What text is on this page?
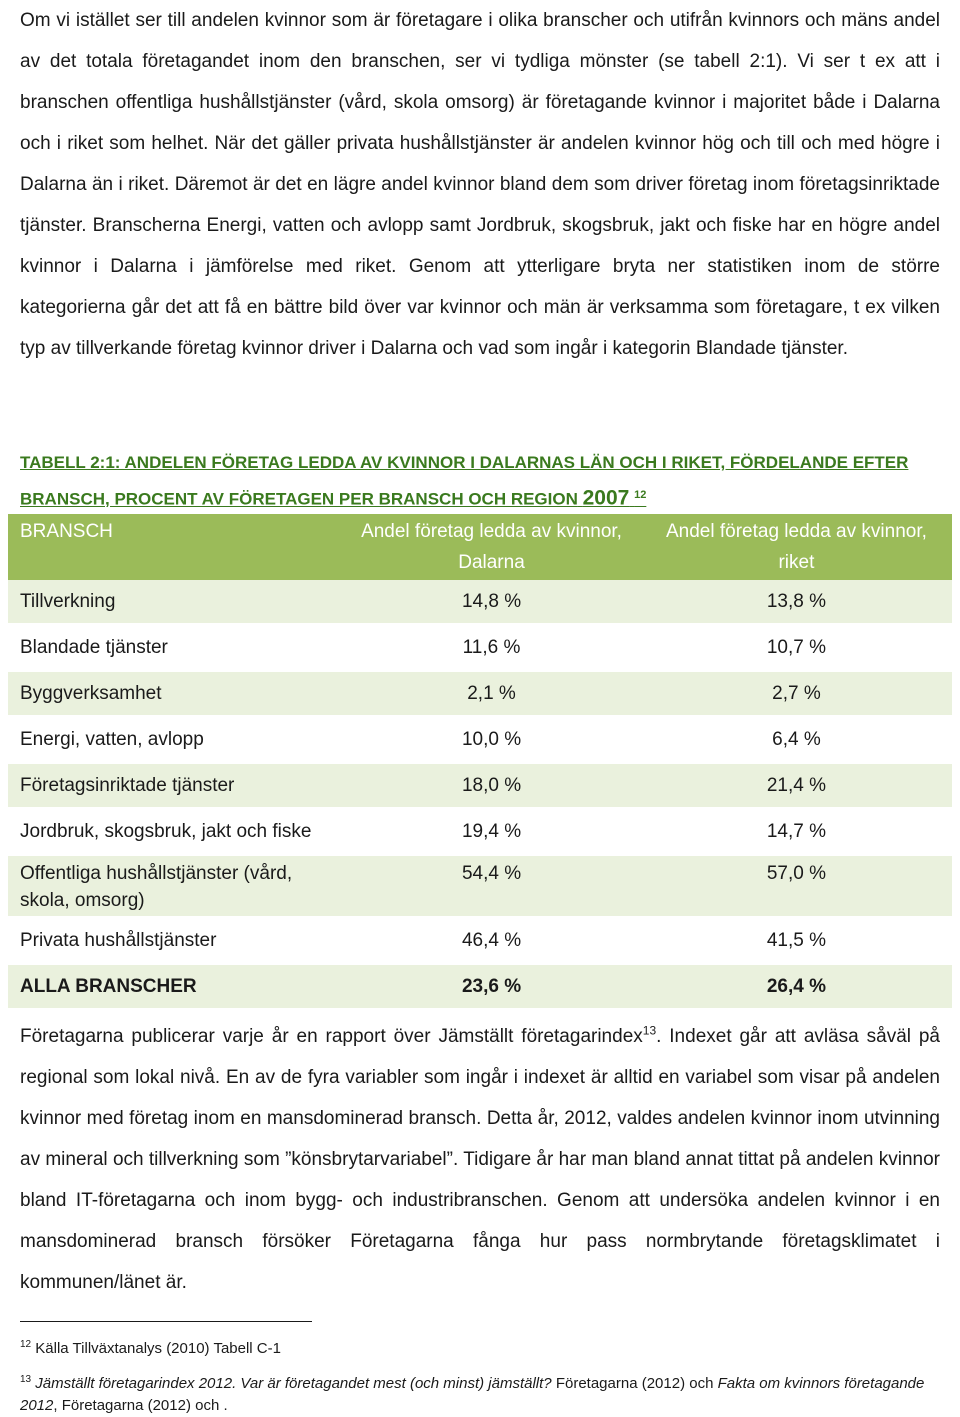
Om vi istället ser till andelen kvinnor som är företagare i olika branscher och utifrån kvinnors och mäns andel av det totala företagandet inom den branschen, ser vi tydliga mönster (se tabell 2:1). Vi ser t ex att i branschen offentliga hushållstjänster (vård, skola omsorg) är företagande kvinnor i majoritet både i Dalarna och i riket som helhet. När det gäller privata hushållstjänster är andelen kvinnor hög och till och med högre i Dalarna än i riket. Däremot är det en lägre andel kvinnor bland dem som driver företag inom företagsinriktade tjänster. Branscherna Energi, vatten och avlopp samt Jordbruk, skogsbruk, jakt och fiske har en högre andel kvinnor i Dalarna i jämförelse med riket. Genom att ytterligare bryta ner statistiken inom de större kategorierna går det att få en bättre bild över var kvinnor och män är verksamma som företagare, t ex vilken typ av tillverkande företag kvinnor driver i Dalarna och vad som ingår i kategorin Blandade tjänster.

TABELL 2:1: ANDELEN FÖRETAG LEDDA AV KVINNOR I DALARNAS LÄN OCH I RIKET, FÖRDELANDE EFTER BRANSCH, PROCENT AV FÖRETAGEN PER BRANSCH OCH REGION 2007 $^{12}$

BRANSCH	Andel företag ledda av kvinnor, Dalarna	Andel företag ledda av kvinnor, riket
Tillverkning	14,8 %	13,8 %
Blandade tjänster	11,6 %	10,7 %
Byggverksamhet	2,1 %	2,7 %
Energi, vatten, avlopp	10,0 %	6,4 %
Företagsinriktade tjänster	18,0 %	21,4 %
Jordbruk, skogsbruk, jakt och fiske	19,4 %	14,7 %
Offentliga hushållstjänster (vård, skola, omsorg)	54,4 %	57,0 %
Privata hushållstjänster	46,4 %	41,5 %
ALLA BRANSCHER	23,6 %	26,4 %

Företagarna publicerar varje år en rapport över Jämställt företagarindex$^{13}$. Indexet går att avläsa såväl på regional som lokal nivå. En av de fyra variabler som ingår i indexet är alltid en variabel som visar på andelen kvinnor med företag inom en mansdominerad bransch. Detta år, 2012, valdes andelen kvinnor inom utvinning av mineral och tillverkning som ”könsbrytarvariabel”. Tidigare år har man bland annat tittat på andelen kvinnor bland IT-företagarna och inom bygg- och industribranschen. Genom att undersöka andelen kvinnor i en mansdominerad bransch försöker Företagarna fånga hur pass normbrytande företagsklimatet i kommunen/länet är.

$^{12}$ Källa Tillväxtanalys (2010) Tabell C-1

$^{13}$ Jämställt företagarindex 2012. Var är företagandet mest (och minst) jämställt? Företagarna (2012) och Fakta om kvinnors företagande 2012, Företagarna (2012) och .
